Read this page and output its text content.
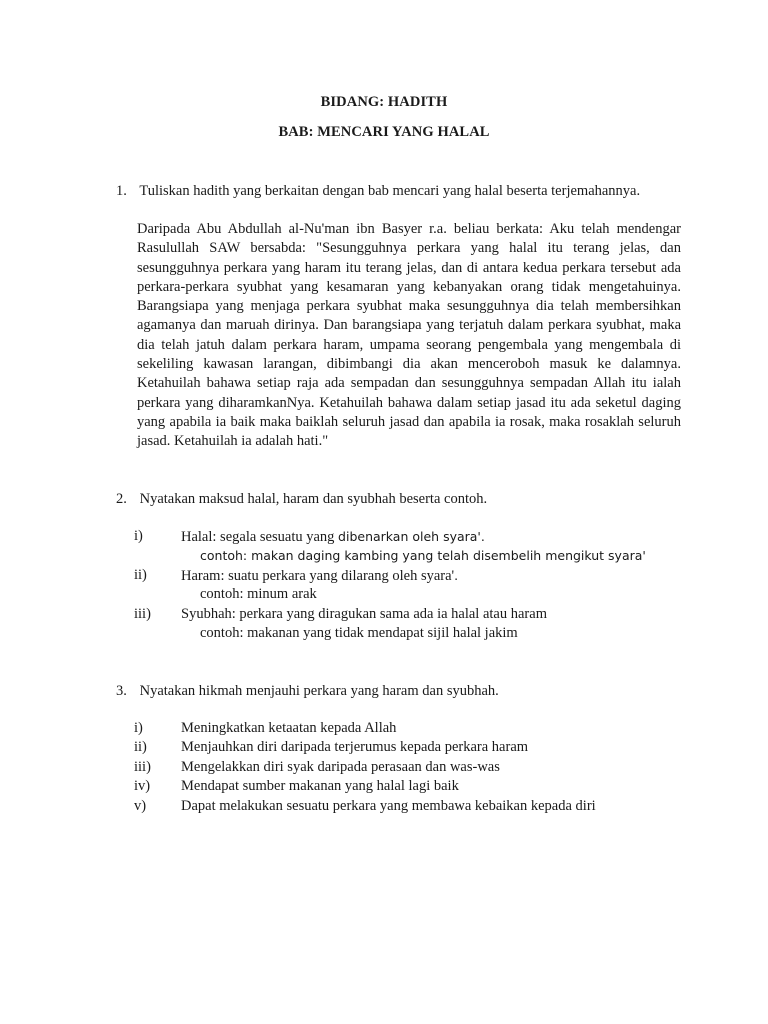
BIDANG: HADITH
BAB: MENCARI YANG HALAL
1. Tuliskan hadith yang berkaitan dengan bab mencari yang halal beserta terjemahannya.
Daripada Abu Abdullah al-Nu'man ibn Basyer r.a. beliau berkata: Aku telah mendengar Rasulullah SAW bersabda: "Sesungguhnya perkara yang halal itu terang jelas, dan sesungguhnya perkara yang haram itu terang jelas, dan di antara kedua perkara tersebut ada perkara-perkara syubhat yang kesamaran yang kebanyakan orang tidak mengetahuinya. Barangsiapa yang menjaga perkara syubhat maka sesungguhnya dia telah membersihkan agamanya dan maruah dirinya. Dan barangsiapa yang terjatuh dalam perkara syubhat, maka dia telah jatuh dalam perkara haram, umpama seorang pengembala yang mengembala di sekeliling kawasan larangan, dibimbangi dia akan menceroboh masuk ke dalamnya. Ketahuilah bahawa setiap raja ada sempadan dan sesungguhnya sempadan Allah itu ialah perkara yang diharamkanNya. Ketahuilah bahawa dalam setiap jasad itu ada seketul daging yang apabila ia baik maka baiklah seluruh jasad dan apabila ia rosak, maka rosaklah seluruh jasad. Ketahuilah ia adalah hati."
2. Nyatakan maksud halal, haram dan syubhah beserta contoh.
i)	Halal: segala sesuatu yang dibenarkan oleh syara'.
contoh: makan daging kambing yang telah disembelih mengikut syara'
ii) Haram: suatu perkara yang dilarang oleh syara'.
contoh: minum arak
iii) Syubhah: perkara yang diragukan sama ada ia halal atau haram
contoh: makanan yang tidak mendapat sijil halal jakim
3. Nyatakan hikmah menjauhi perkara yang haram dan syubhah.
i)	Meningkatkan ketaatan kepada Allah
ii) Menjauhkan diri daripada terjerumus kepada perkara haram
iii) Mengelakkan diri syak daripada perasaan dan was-was
iv) Mendapat sumber makanan yang halal lagi baik
v) Dapat melakukan sesuatu perkara yang membawa kebaikan kepada diri
